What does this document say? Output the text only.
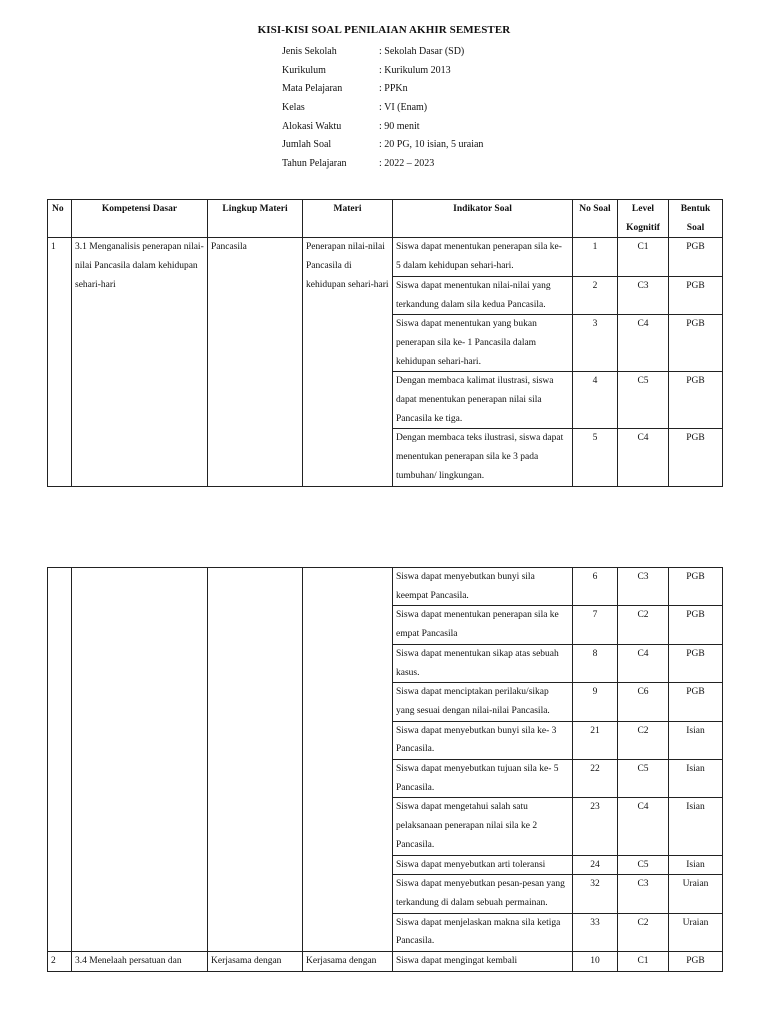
KISI-KISI SOAL PENILAIAN AKHIR SEMESTER
Jenis Sekolah	: Sekolah Dasar (SD)
Kurikulum	: Kurikulum 2013
Mata Pelajaran	: PPKn
Kelas	: VI (Enam)
Alokasi Waktu	: 90 menit
Jumlah Soal	: 20 PG, 10 isian, 5 uraian
Tahun Pelajaran	: 2022 – 2023
No	Kompetensi Dasar	Lingkup Materi	Materi	Indikator Soal	No Soal	Level Kognitif	Bentuk Soal
1	3.1 Menganalisis penerapan nilai-nilai Pancasila dalam kehidupan sehari-hari	Pancasila	Penerapan nilai-nilai Pancasila di kehidupan sehari-hari	Siswa dapat menentukan penerapan sila ke- 5 dalam kehidupan sehari-hari.	1	C1	PGB
				Siswa dapat menentukan nilai-nilai yang terkandung dalam sila kedua Pancasila.	2	C3	PGB
				Siswa dapat menentukan yang bukan penerapan sila ke- 1 Pancasila dalam kehidupan sehari-hari.	3	C4	PGB
				Dengan membaca kalimat ilustrasi, siswa dapat menentukan penerapan nilai sila Pancasila ke tiga.	4	C5	PGB
				Dengan membaca teks ilustrasi, siswa dapat menentukan penerapan sila ke 3 pada tumbuhan/ lingkungan.	5	C4	PGB
				Siswa dapat menyebutkan bunyi sila keempat Pancasila.	6	C3	PGB
				Siswa dapat menentukan penerapan sila ke empat Pancasila	7	C2	PGB
				Siswa dapat menentukan sikap atas sebuah kasus.	8	C4	PGB
				Siswa dapat menciptakan perilaku/sikap yang sesuai dengan nilai-nilai Pancasila.	9	C6	PGB
				Siswa dapat menyebutkan bunyi sila ke- 3 Pancasila.	21	C2	Isian
				Siswa dapat menyebutkan tujuan sila ke- 5 Pancasila.	22	C5	Isian
				Siswa dapat mengetahui salah satu pelaksanaan penerapan nilai sila ke 2 Pancasila.	23	C4	Isian
				Siswa dapat menyebutkan arti toleransi	24	C5	Isian
				Siswa dapat menyebutkan pesan-pesan yang terkandung di dalam sebuah permainan.	32	C3	Uraian
				Siswa dapat menjelaskan makna sila ketiga Pancasila.	33	C2	Uraian
2	3.4 Menelaah persatuan dan	Kerjasama dengan	Kerjasama dengan	Siswa dapat mengingat kembali	10	C1	PGB
